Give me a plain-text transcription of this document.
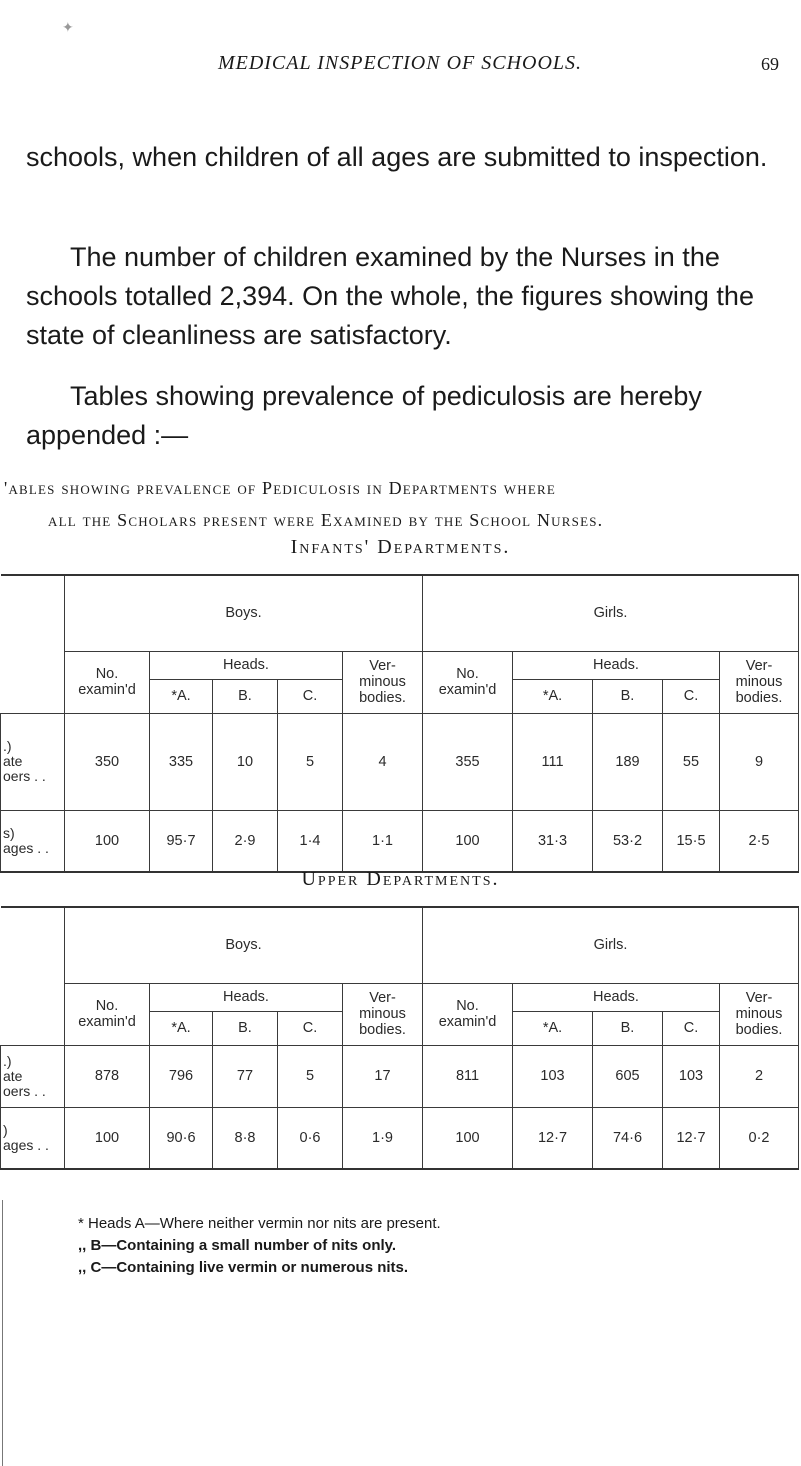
✦
MEDICAL INSPECTION OF SCHOOLS.	69
schools, when children of all ages are submitted to inspection.
The number of children examined by the Nurses in the schools totalled 2,394. On the whole, the figures showing the state of cleanliness are satisfactory.
Tables showing prevalence of pediculosis are hereby appended :—
'ables showing prevalence of Pediculosis in Departments where
all the Scholars present were Examined by the School Nurses.
Infants' Departments.
	Boys.					Girls.				
	No.
examin'd	Heads.			Ver-
minous
bodies.	No.
examin'd	Heads.			Ver-
minous
bodies.
		*A.	B.	C.			*A.	B.	C.	
.)
ate
oers . .	350	335	10	5	4	355	111	189	55	9
s)
ages . .	100	95·7	2·9	1·4	1·1	100	31·3	53·2	15·5	2·5
Upper Departments.
	Boys.					Girls.				
	No.
examin'd	Heads.			Ver-
minous
bodies.	No.
examin'd	Heads.			Ver-
minous
bodies.
		*A.	B.	C.			*A.	B.	C.	
.)
ate
oers . .	878	796	77	5	17	811	103	605	103	2
)
ages . .	100	90·6	8·8	0·6	1·9	100	12·7	74·6	12·7	0·2
* Heads A—Where neither vermin nor nits are present.
,, B—Containing a small number of nits only.
,, C—Containing live vermin or numerous nits.
